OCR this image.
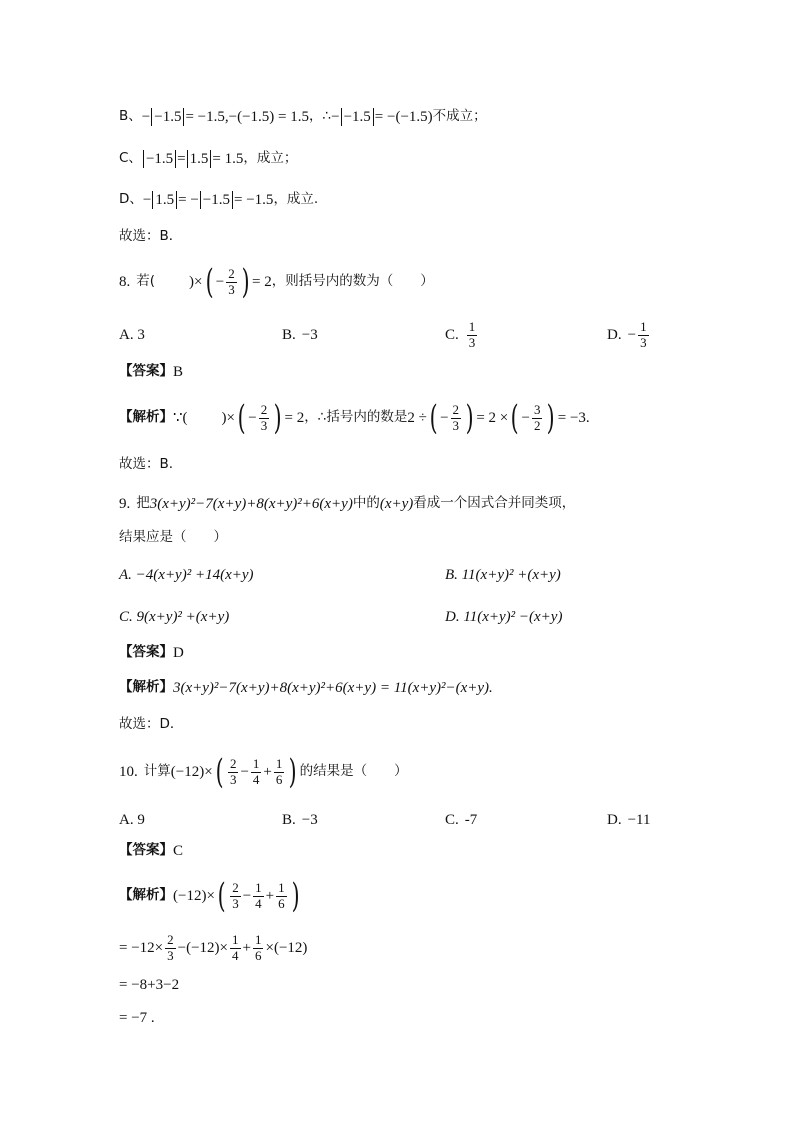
B、 − −1.5 = −1.5,−(−1.5) = 1.5 ，∴ − −1.5 = −(−1.5) 不成立；
C、 −1.5 = 1.5 = 1.5 ，成立；
D、 − 1.5 = − −1.5 = −1.5 ，成立.
故选：B．
8. 若( )× ( − $\frac{2}{3}$ ) = 2 ，则括号内的数为（　　）
A. 3	B. −3	C. $\frac{1}{3}$	D. − $\frac{1}{3}$
【答案】 B
【解析】 ∵( )× ( − $\frac{2}{3}$ ) = 2 ，∴括号内的数是 2 ÷ ( − $\frac{2}{3}$ ) = 2 × ( − $\frac{3}{2}$ ) = −3.
故选：B.
9. 把 3(x+y)²−7(x+y)+8(x+y)²+6(x+y) 中的 (x+y) 看成一个因式合并同类项，
结果应是（　　）
A. −4(x+y)² +14(x+y)	B. 11(x+y)² +(x+y)
C. 9(x+y)² +(x+y)	D. 11(x+y)² −(x+y)
【答案】 D
【解析】 3(x+y)²−7(x+y)+8(x+y)²+6(x+y) = 11(x+y)²−(x+y).
故选：D．
10. 计算 (−12)× ( $\frac{2}{3} - \frac{1}{4} + \frac{1}{6}$ ) 的结果是（　　）
A. 9	B. −3	C. -7	D. −11
【答案】 C
【解析】 (−12)× ( $\frac{2}{3} - \frac{1}{4} + \frac{1}{6}$ )
= $-12\times \frac{2}{3} -(-12)\times \frac{1}{4} + \frac{1}{6} \times(-12)$
= −8+3−2
= −7 .
